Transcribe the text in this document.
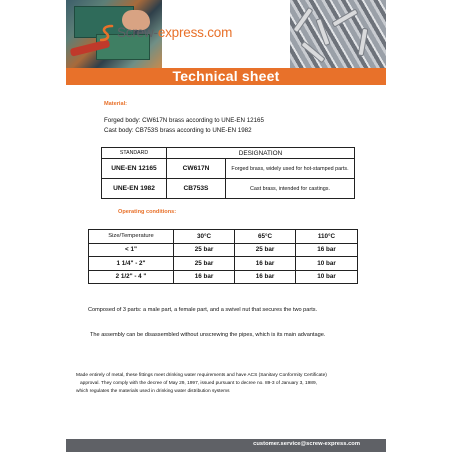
Screw-express.com
Technical sheet
Material:
Forged body: CW617N brass according to UNE-EN 12165
Cast body: CB753S brass according to UNE-EN 1982
STANDARD	DESIGNATION	
UNE-EN 12165	CW617N	Forged brass, widely used for hot-stamped parts.
UNE-EN 1982	CB753S	Cast brass, intended for castings.
Operating conditions:
Size/Temperature	30°C	65°C	110°C
< 1"	25 bar	25 bar	16 bar
1 1/4" - 2"	25 bar	16 bar	10 bar
2 1/2" - 4 "	16 bar	16 bar	10 bar
Composed of 3 parts: a male part, a female part, and a swivel nut that secures the two parts.
The assembly can be disassembled without unscrewing the pipes, which is its main advantage.
Made entirely of metal, these fittings meet drinking water requirements and have ACS (Sanitary Conformity Certificate)
approval. They comply with the decree of May 29, 1997, issued pursuant to decree no. 89-3 of January 3, 1989,
which regulates the materials used in drinking water distribution systems
customer.service@screw-express.com
